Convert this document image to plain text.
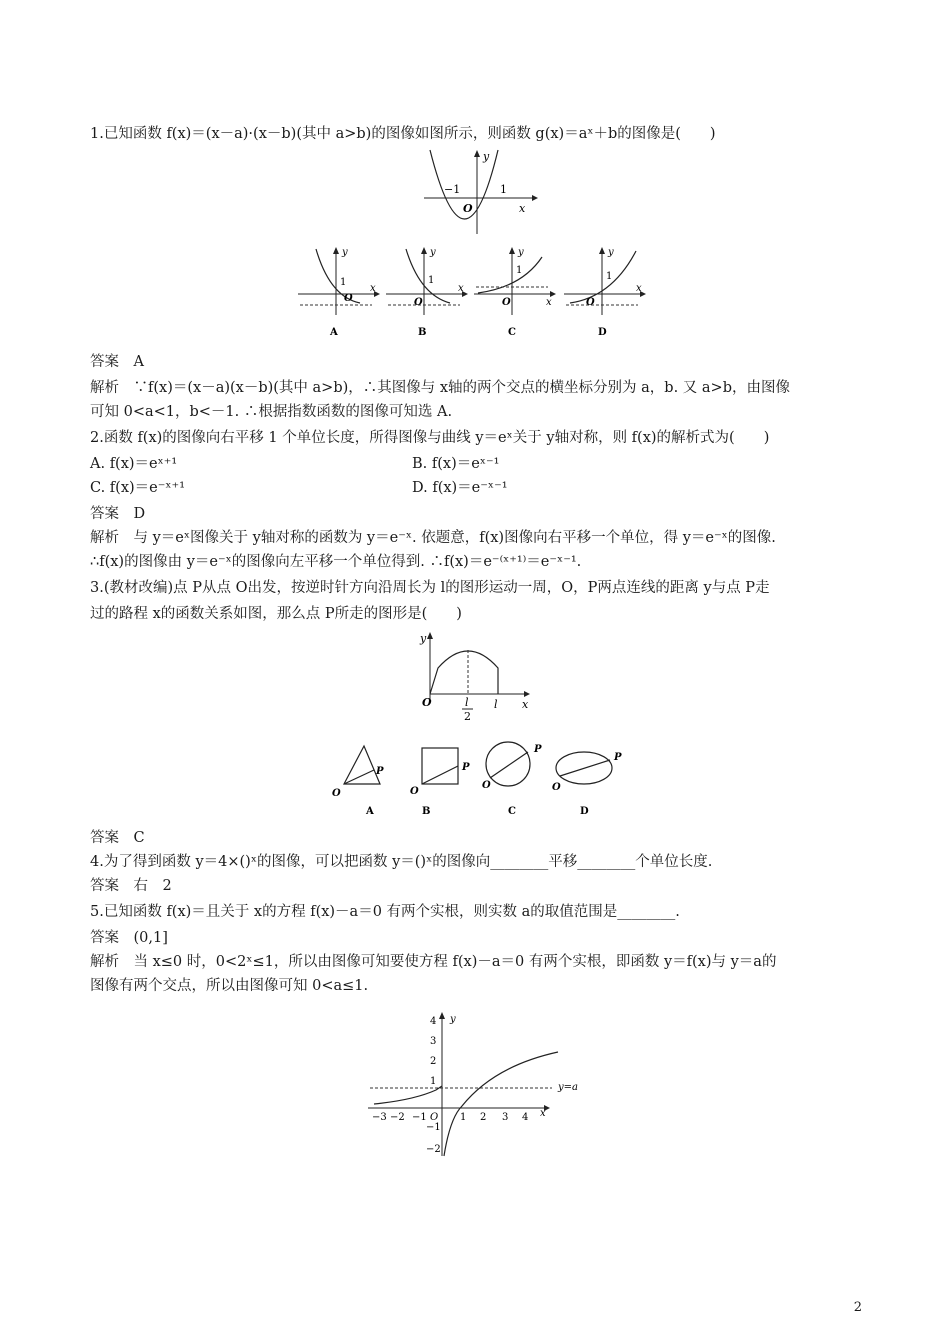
1.已知函数 f(x)＝(x－a)·(x－b)(其中 a>b)的图像如图所示，则函数 g(x)＝aˣ＋b的图像是(　　)
y
x
O
−1	1
y
x
1
O
A
y
x
1
O
B
y
x
1
O
C
y
x
1
O
D
答案　A
解析　∵f(x)＝(x－a)(x－b)(其中 a>b)，∴其图像与 x轴的两个交点的横坐标分别为 a，b. 又 a>b，由图像
可知 0<a<1，b<－1. ∴根据指数函数的图像可知选 A.
2.函数 f(x)的图像向右平移 1 个单位长度，所得图像与曲线 y＝eˣ关于 y轴对称，则 f(x)的解析式为(　　)
A. f(x)＝eˣ⁺¹	B. f(x)＝eˣ⁻¹
C. f(x)＝e⁻ˣ⁺¹	D. f(x)＝e⁻ˣ⁻¹
答案　D
解析　与 y＝eˣ图像关于 y轴对称的函数为 y＝e⁻ˣ. 依题意，f(x)图像向右平移一个单位，得 y＝e⁻ˣ的图像.
∴f(x)的图像由 y＝e⁻ˣ的图像向左平移一个单位得到. ∴f(x)＝e⁻⁽ˣ⁺¹⁾＝e⁻ˣ⁻¹.
3.(教材改编)点 P从点 O出发，按逆时针方向沿周长为 l的图形运动一周，O，P两点连线的距离 y与点 P走
过的路程 x的函数关系如图，那么点 P所走的图形是(　　)
y
x
O	l
2
l
P
O
A
P
O
B
P
O
C
P
O
D
答案　C
4.为了得到函数 y＝4×()ˣ的图像，可以把函数 y＝()ˣ的图像向________平移________个单位长度.
答案　右　2
5.已知函数 f(x)＝且关于 x的方程 f(x)－a＝0 有两个实根，则实数 a的取值范围是________.
答案　(0,1]
解析　当 x≤0 时，0<2ˣ≤1，所以由图像可知要使方程 f(x)－a＝0 有两个实根，即函数 y＝f(x)与 y＝a的
图像有两个交点，所以由图像可知 0<a≤1.
−3 −2 −1 O 1 2 3 4
4
3
2
1
−1
−2
y
x
y=a
2
